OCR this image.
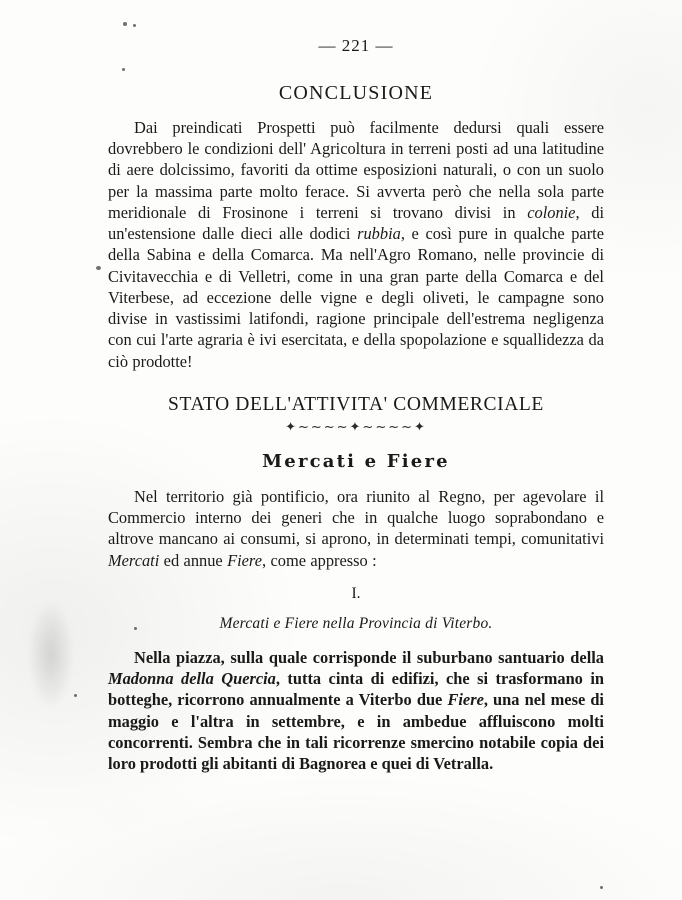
— 221 —
CONCLUSIONE

Dai preindicati Prospetti può facilmente dedursi quali essere dovrebbero le condizioni dell' Agricoltura in terreni posti ad una latitudine di aere dolcissimo, favoriti da ottime esposizioni naturali, o con un suolo per la massima parte molto ferace. Si avverta però che nella sola parte meridionale di Frosinone i terreni si trovano divisi in colonie, di un'estensione dalle dieci alle dodici rubbia, e così pure in qualche parte della Sabina e della Comarca. Ma nell'Agro Romano, nelle provincie di Civitavecchia e di Velletri, come in una gran parte della Comarca e del Viterbese, ad eccezione delle vigne e degli oliveti, le campagne sono divise in vastissimi latifondi, ragione principale dell'estrema negligenza con cui l'arte agraria è ivi esercitata, e della spopolazione e squallidezza da ciò prodotte!

STATO DELL'ATTIVITA' COMMERCIALE
✦~~~~✦~~~~✦
Mercati e Fiere

Nel territorio già pontificio, ora riunito al Regno, per agevolare il Commercio interno dei generi che in qualche luogo soprabondano e altrove mancano ai consumi, si aprono, in determinati tempi, comunitativi Mercati ed annue Fiere, come appresso :

I.
Mercati e Fiere nella Provincia di Viterbo.

Nella piazza, sulla quale corrisponde il suburbano santuario della Madonna della Quercia, tutta cinta di edifizi, che si trasformano in botteghe, ricorrono annualmente a Viterbo due Fiere, una nel mese di maggio e l'altra in settembre, e in ambedue affluiscono molti concorrenti. Sembra che in tali ricorrenze smercino notabile copia dei loro prodotti gli abitanti di Bagnorea e quei di Vetralla.
